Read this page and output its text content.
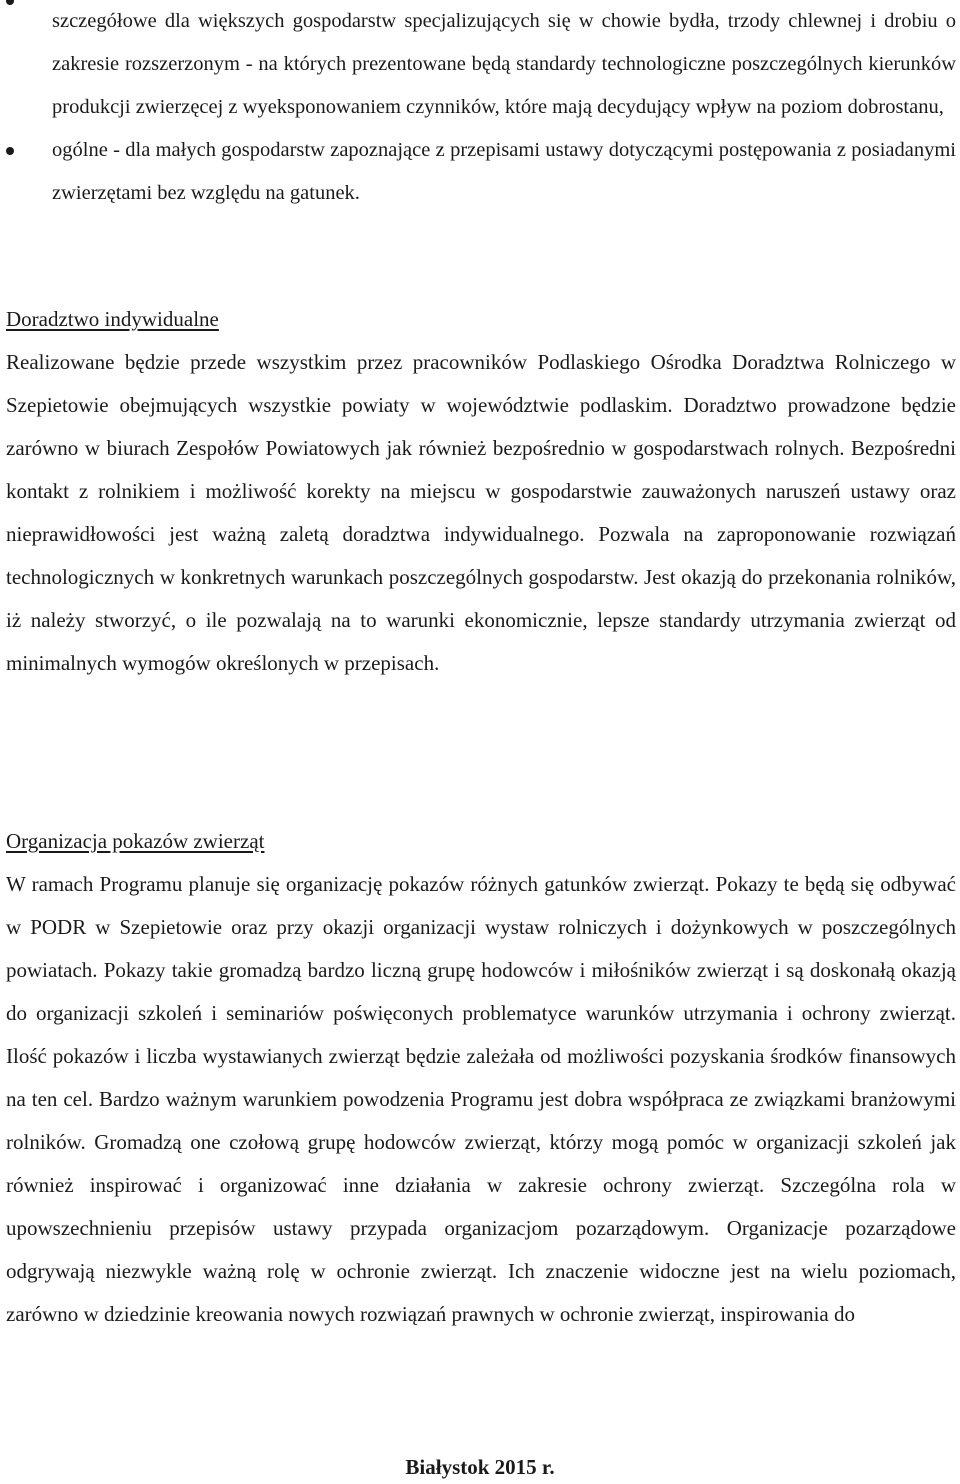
szczegółowe dla większych gospodarstw specjalizujących się w chowie bydła, trzody chlewnej i drobiu o zakresie rozszerzonym - na których prezentowane będą standardy technologiczne poszczególnych kierunków produkcji zwierzęcej z wyeksponowaniem czynników, które mają decydujący wpływ na poziom dobrostanu,
ogólne - dla małych gospodarstw zapoznające z przepisami ustawy dotyczącymi postępowania z posiadanymi zwierzętami bez względu na gatunek.
Doradztwo indywidualne

Realizowane będzie przede wszystkim przez pracowników Podlaskiego Ośrodka Doradztwa Rolniczego w Szepietowie obejmujących wszystkie powiaty w województwie podlaskim. Doradztwo prowadzone będzie zarówno w biurach Zespołów Powiatowych jak również bezpośrednio w gospodarstwach rolnych. Bezpośredni kontakt z rolnikiem i możliwość korekty na miejscu w gospodarstwie zauważonych naruszeń ustawy oraz nieprawidłowości jest ważną zaletą doradztwa indywidualnego. Pozwala na zaproponowanie rozwiązań technologicznych w konkretnych warunkach poszczególnych gospodarstw. Jest okazją do przekonania rolników, iż należy stworzyć, o ile pozwalają na to warunki ekonomicznie, lepsze standardy utrzymania zwierząt od minimalnych wymogów określonych w przepisach.

Organizacja pokazów zwierząt

W ramach Programu planuje się organizację pokazów różnych gatunków zwierząt. Pokazy te będą się odbywać w PODR w Szepietowie oraz przy okazji organizacji wystaw rolniczych i dożynkowych w poszczególnych powiatach. Pokazy takie gromadzą bardzo liczną grupę hodowców i miłośników zwierząt i są doskonałą okazją do organizacji szkoleń i seminariów poświęconych problematyce warunków utrzymania i ochrony zwierząt. Ilość pokazów i liczba wystawianych zwierząt będzie zależała od możliwości pozyskania środków finansowych na ten cel. Bardzo ważnym warunkiem powodzenia Programu jest dobra współpraca ze związkami branżowymi rolników. Gromadzą one czołową grupę hodowców zwierząt, którzy mogą pomóc w organizacji szkoleń jak również inspirować i organizować inne działania w zakresie ochrony zwierząt. Szczególna rola w upowszechnieniu przepisów ustawy przypada organizacjom pozarządowym. Organizacje pozarządowe odgrywają niezwykle ważną rolę w ochronie zwierząt. Ich znaczenie widoczne jest na wielu poziomach, zarówno w dziedzinie kreowania nowych rozwiązań prawnych w ochronie zwierząt, inspirowania do

Białystok 2015 r.
